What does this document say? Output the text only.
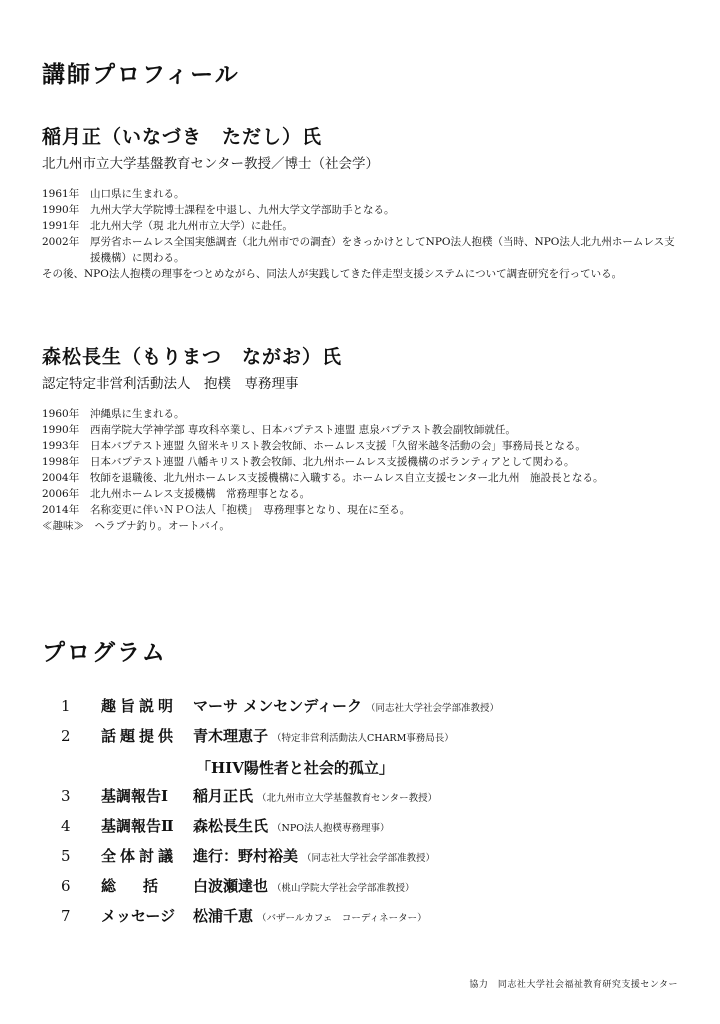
講師プロフィール
稲月正（いなづき　ただし）氏
北九州市立大学基盤教育センター教授／博士（社会学）
1961年	山口県に生まれる。
1990年	九州大学大学院博士課程を中退し、九州大学文学部助手となる。
1991年	北九州大学（現 北九州市立大学）に赴任。
2002年	厚労省ホームレス全国実態調査（北九州市での調査）をきっかけとしてNPO法人抱樸（当時、NPO法人北九州ホームレス支援機構）に関わる。
その後、NPO法人抱樸の理事をつとめながら、同法人が実践してきた伴走型支援システムについて調査研究を行っている。
森松長生（もりまつ　ながお）氏
認定特定非営利活動法人　抱樸　専務理事
1960年	沖縄県に生まれる。
1990年	西南学院大学神学部 専攻科卒業し、日本バプテスト連盟 恵泉バプテスト教会副牧師就任。
1993年	日本バプテスト連盟 久留米キリスト教会牧師、ホームレス支援「久留米越冬活動の会」事務局長となる。
1998年	日本バプテスト連盟 八幡キリスト教会牧師、北九州ホームレス支援機構のボランティアとして関わる。
2004年	牧師を退職後、北九州ホームレス支援機構に入職する。ホームレス自立支援センター北九州　施設長となる。
2006年	北九州ホームレス支援機構　常務理事となる。
2014年	名称変更に伴いＮＰＯ法人「抱樸」　専務理事となり、現在に至る。
≪趣味≫　ヘラブナ釣り。オートバイ。
プログラム
1	趣旨説明	マーサ メンセンディーク （同志社大学社会学部准教授）
2	話題提供	青木理恵子 （特定非営利活動法人CHARM事務局長）
「HIV陽性者と社会的孤立」
3	基調報告Ⅰ	稲月正氏 （北九州市立大学基盤教育センター教授）
4	基調報告Ⅱ	森松長生氏 （NPO法人抱樸専務理事）
5	全体討議	進行：野村裕美 （同志社大学社会学部准教授）
6	総　括	白波瀬達也 （桃山学院大学社会学部准教授）
7	メッセージ	松浦千恵 （バザールカフェ　コーディネーター）
協力　同志社大学社会福祉教育研究支援センター
